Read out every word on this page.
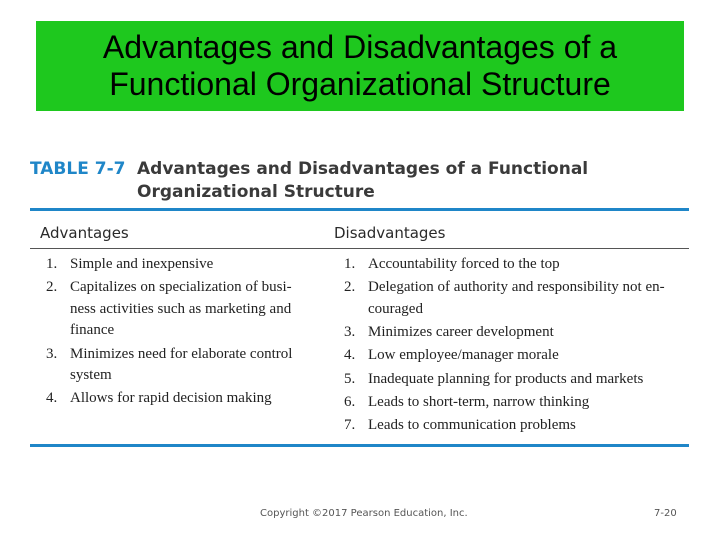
Advantages and Disadvantages of a
Functional Organizational Structure
TABLE 7-7 Advantages and Disadvantages of a Functional Organizational Structure
Advantages	Disadvantages
1. Simple and inexpensive
2. Capitalizes on specialization of busi-ness activities such as marketing and finance
3. Minimizes need for elaborate control system
4. Allows for rapid decision making
1. Accountability forced to the top
2. Delegation of authority and responsibility not en-couraged
3. Minimizes career development
4. Low employee/manager morale
5. Inadequate planning for products and markets
6. Leads to short-term, narrow thinking
7. Leads to communication problems
Copyright ©2017 Pearson Education, Inc.	7-20
